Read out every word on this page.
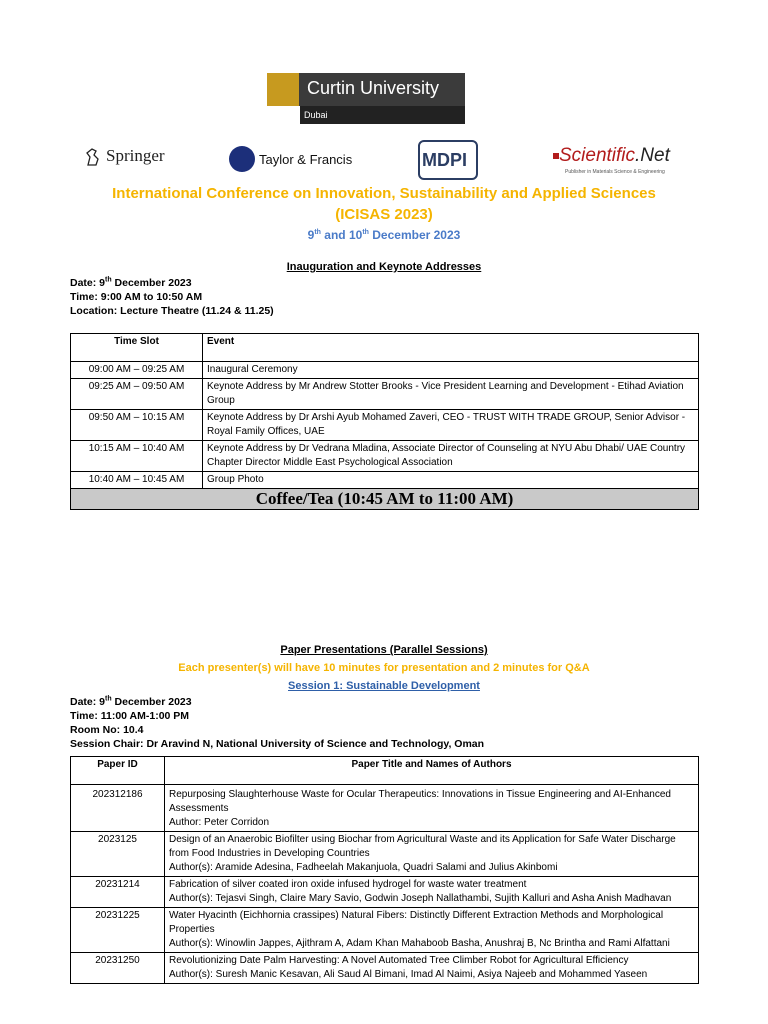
Curtin University
Dubai
Springer	Taylor & Francis	MDPI	Scientific.Net
Publisher in Materials Science & Engineering
International Conference on Innovation, Sustainability and Applied Sciences
(ICISAS 2023)
9th and 10th December 2023
Inauguration and Keynote Addresses
Date: 9th December 2023
Time: 9:00 AM to 10:50 AM
Location: Lecture Theatre (11.24 & 11.25)
Time Slot	Event
09:00 AM – 09:25 AM	Inaugural Ceremony
09:25 AM – 09:50 AM	Keynote Address by Mr Andrew Stotter Brooks - Vice President Learning and Development - Etihad Aviation Group
09:50 AM – 10:15 AM	Keynote Address by Dr Arshi Ayub Mohamed Zaveri, CEO - TRUST WITH TRADE GROUP, Senior Advisor - Royal Family Offices, UAE
10:15 AM – 10:40 AM	Keynote Address by Dr Vedrana Mladina, Associate Director of Counseling at NYU Abu Dhabi/ UAE Country Chapter Director Middle East Psychological Association
10:40 AM – 10:45 AM	Group Photo
Coffee/Tea (10:45 AM to 11:00 AM)	
Paper Presentations (Parallel Sessions)
Each presenter(s) will have 10 minutes for presentation and 2 minutes for Q&A
Session 1: Sustainable Development
Date: 9th December 2023
Time: 11:00 AM-1:00 PM
Room No: 10.4
Session Chair: Dr Aravind N, National University of Science and Technology, Oman
Paper ID	Paper Title and Names of Authors
202312186	Repurposing Slaughterhouse Waste for Ocular Therapeutics: Innovations in Tissue Engineering and AI-Enhanced Assessments
Author: Peter Corridon

2023125	Design of an Anaerobic Biofilter using Biochar from Agricultural Waste and its Application for Safe Water Discharge from Food Industries in Developing Countries
Author(s): Aramide Adesina, Fadheelah Makanjuola, Quadri Salami and Julius Akinbomi

20231214	Fabrication of silver coated iron oxide infused hydrogel for waste water treatment
Author(s): Tejasvi Singh, Claire Mary Savio, Godwin Joseph Nallathambi, Sujith Kalluri and Asha Anish Madhavan

20231225	Water Hyacinth (Eichhornia crassipes) Natural Fibers: Distinctly Different Extraction Methods and Morphological Properties
Author(s): Winowlin Jappes, Ajithram A, Adam Khan Mahaboob Basha, Anushraj B, Nc Brintha and Rami Alfattani

20231250	Revolutionizing Date Palm Harvesting: A Novel Automated Tree Climber Robot for Agricultural Efficiency
Author(s): Suresh Manic Kesavan, Ali Saud Al Bimani, Imad Al Naimi, Asiya Najeeb and Mohammed Yaseen
